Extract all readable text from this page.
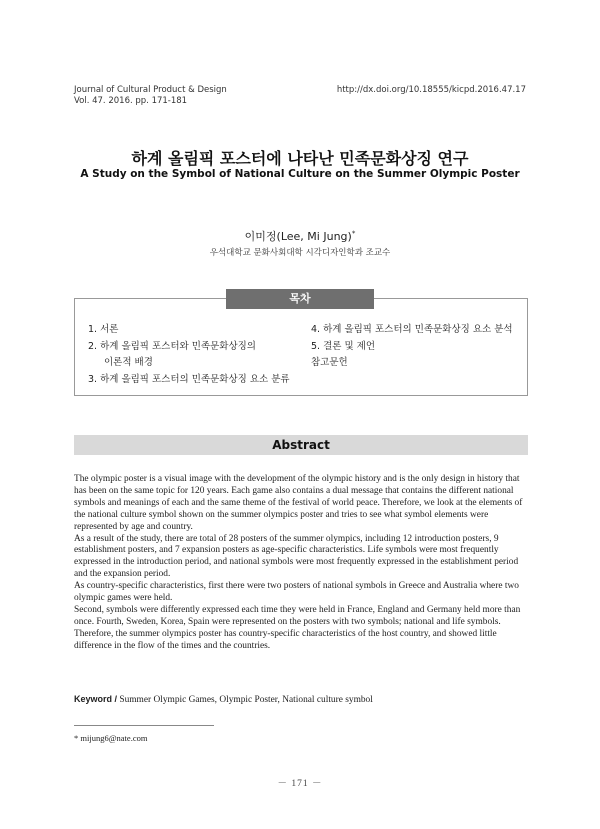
Journal of Cultural Product & Design
Vol. 47. 2016. pp. 171-181
http://dx.doi.org/10.18555/kicpd.2016.47.17
하계 올림픽 포스터에 나타난 민족문화상징 연구
A Study on the Symbol of National Culture on the Summer Olympic Poster
이미정(Lee, Mi Jung)*
우석대학교 문화사회대학 시각디자인학과 조교수
목차
1. 서론
2. 하계 올림픽 포스터와 민족문화상징의
이론적 배경
3. 하계 올림픽 포스터의 민족문화상징 요소 분류
4. 하계 올림픽 포스터의 민족문화상징 요소 분석
5. 결론 및 제언
참고문헌
Abstract

The olympic poster is a visual image with the development of the olympic history and is the only design in history that has been on the same topic for 120 years. Each game also contains a dual message that contains the different national symbols and meanings of each and the same theme of the festival of world peace. Therefore, we look at the elements of the national culture symbol shown on the summer olympics poster and tries to see what symbol elements were represented by age and country.

As a result of the study, there are total of 28 posters of the summer olympics, including 12 introduction posters, 9 establishment posters, and 7 expansion posters as age-specific characteristics. Life symbols were most frequently expressed in the introduction period, and national symbols were most frequently expressed in the establishment period and the expansion period.

As country-specific characteristics, first there were two posters of national symbols in Greece and Australia where two olympic games were held.

Second, symbols were differently expressed each time they were held in France, England and Germany held more than once. Fourth, Sweden, Korea, Spain were represented on the posters with two symbols; national and life symbols.

Therefore, the summer olympics poster has country-specific characteristics of the host country, and showed little difference in the flow of the times and the countries.

Keyword / Summer Olympic Games, Olympic Poster, National culture symbol
* mijung6@nate.com
－ 171 －
